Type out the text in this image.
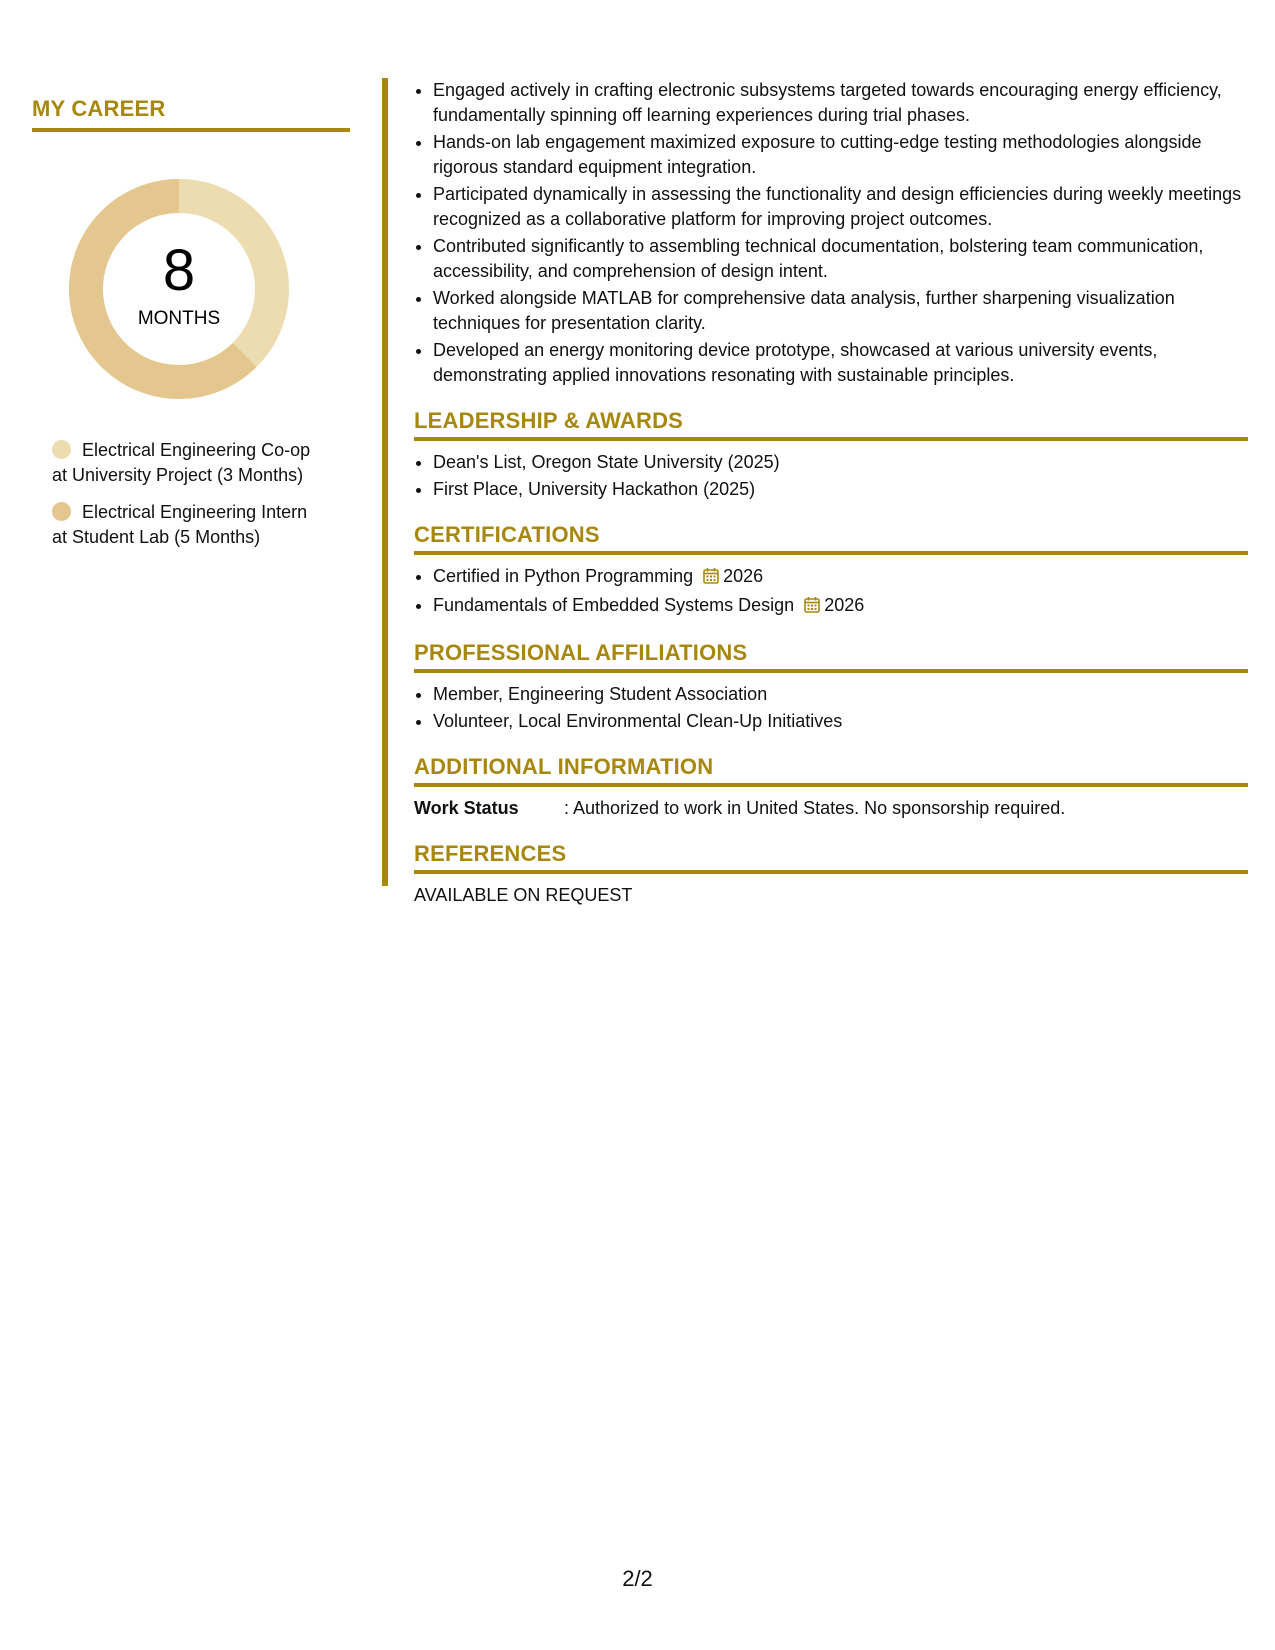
MY CAREER
8
MONTHS
Electrical Engineering Co-op
at University Project (3 Months)
Electrical Engineering Intern
at Student Lab (5 Months)
• Engaged actively in crafting electronic subsystems targeted towards encouraging energy efficiency, fundamentally spinning off learning experiences during trial phases.
• Hands-on lab engagement maximized exposure to cutting-edge testing methodologies alongside rigorous standard equipment integration.
• Participated dynamically in assessing the functionality and design efficiencies during weekly meetings recognized as a collaborative platform for improving project outcomes.
• Contributed significantly to assembling technical documentation, bolstering team communication, accessibility, and comprehension of design intent.
• Worked alongside MATLAB for comprehensive data analysis, further sharpening visualization techniques for presentation clarity.
• Developed an energy monitoring device prototype, showcased at various university events, demonstrating applied innovations resonating with sustainable principles.
LEADERSHIP & AWARDS
• Dean's List, Oregon State University (2025)
• First Place, University Hackathon (2025)
CERTIFICATIONS
• Certified in Python Programming 2026
• Fundamentals of Embedded Systems Design 2026
PROFESSIONAL AFFILIATIONS
• Member, Engineering Student Association
• Volunteer, Local Environmental Clean-Up Initiatives
ADDITIONAL INFORMATION
Work Status	: Authorized to work in United States. No sponsorship required.
REFERENCES
AVAILABLE ON REQUEST
2/2
